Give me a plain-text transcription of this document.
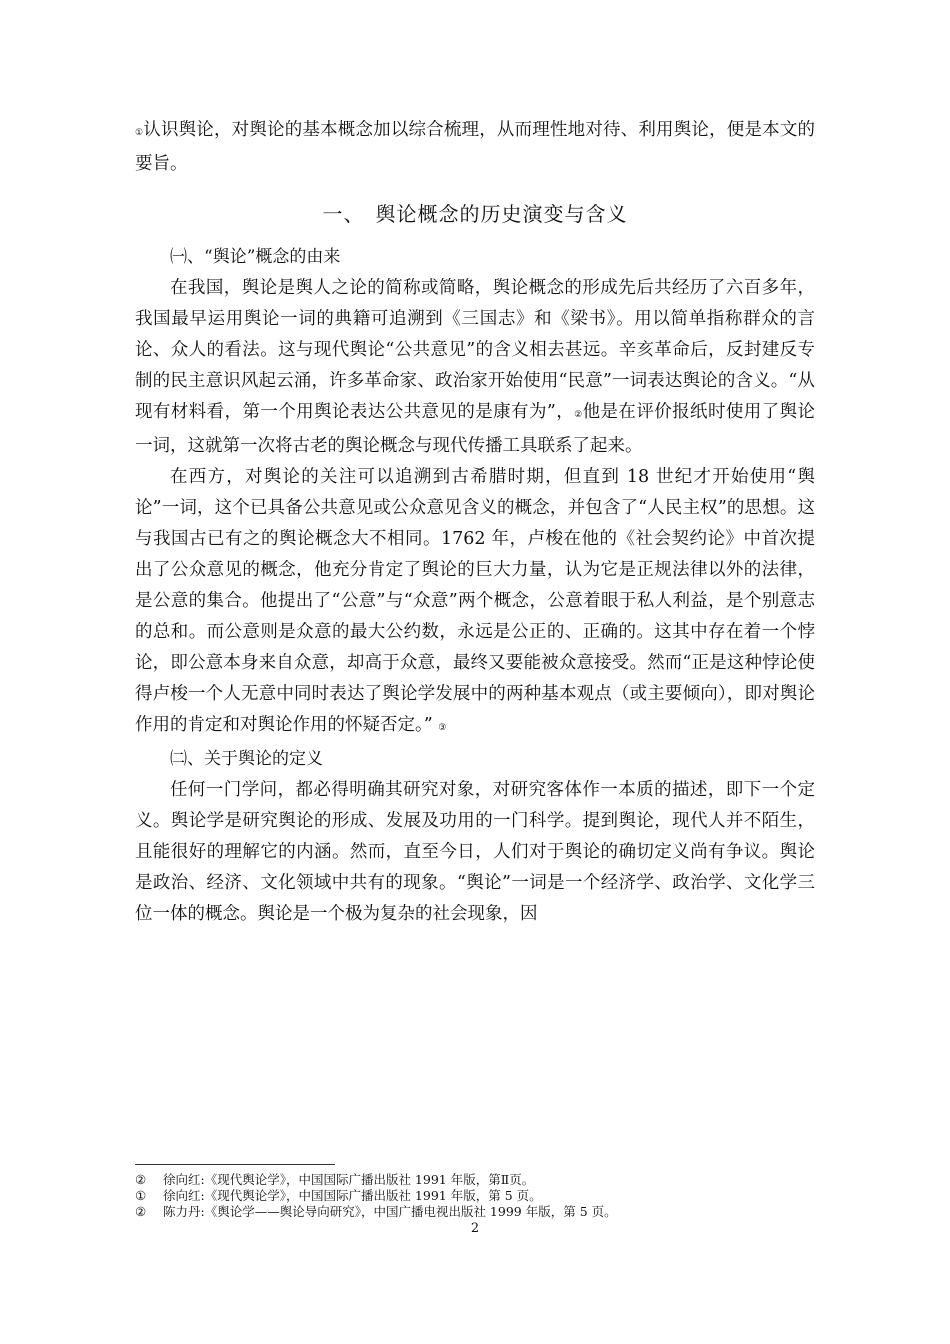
①认识舆论，对舆论的基本概念加以综合梳理，从而理性地对待、利用舆论，便是本文的要旨。

一、　舆论概念的历史演变与含义

㈠、“舆论”概念的由来

在我国，舆论是舆人之论的简称或简略，舆论概念的形成先后共经历了六百多年，我国最早运用舆论一词的典籍可追溯到《三国志》和《梁书》。用以简单指称群众的言论、众人的看法。这与现代舆论“公共意见”的含义相去甚远。辛亥革命后，反封建反专制的民主意识风起云涌，许多革命家、政治家开始使用“民意”一词表达舆论的含义。“从现有材料看，第一个用舆论表达公共意见的是康有为”，②他是在评价报纸时使用了舆论一词，这就第一次将古老的舆论概念与现代传播工具联系了起来。

在西方，对舆论的关注可以追溯到古希腊时期，但直到 18 世纪才开始使用“舆论”一词，这个已具备公共意见或公众意见含义的概念，并包含了“人民主权”的思想。这与我国古已有之的舆论概念大不相同。1762 年，卢梭在他的《社会契约论》中首次提出了公众意见的概念，他充分肯定了舆论的巨大力量，认为它是正规法律以外的法律，是公意的集合。他提出了“公意”与“众意”两个概念，公意着眼于私人利益，是个别意志的总和。而公意则是众意的最大公约数，永远是公正的、正确的。这其中存在着一个悖论，即公意本身来自众意，却高于众意，最终又要能被众意接受。然而“正是这种悖论使得卢梭一个人无意中同时表达了舆论学发展中的两种基本观点（或主要倾向），即对舆论作用的肯定和对舆论作用的怀疑否定。” ③

㈡、关于舆论的定义

任何一门学问，都必得明确其研究对象，对研究客体作一本质的描述，即下一个定义。舆论学是研究舆论的形成、发展及功用的一门科学。提到舆论，现代人并不陌生，且能很好的理解它的内涵。然而，直至今日，人们对于舆论的确切定义尚有争议。舆论是政治、经济、文化领域中共有的现象。“舆论”一词是一个经济学、政治学、文化学三位一体的概念。舆论是一个极为复杂的社会现象，因

②	徐向红:《现代舆论学》，中国国际广播出版社 1991 年版，第Ⅱ页。
①	徐向红:《现代舆论学》，中国国际广播出版社 1991 年版，第 5 页。
②	陈力丹:《舆论学——舆论导向研究》，中国广播电视出版社 1999 年版，第 5 页。
2
